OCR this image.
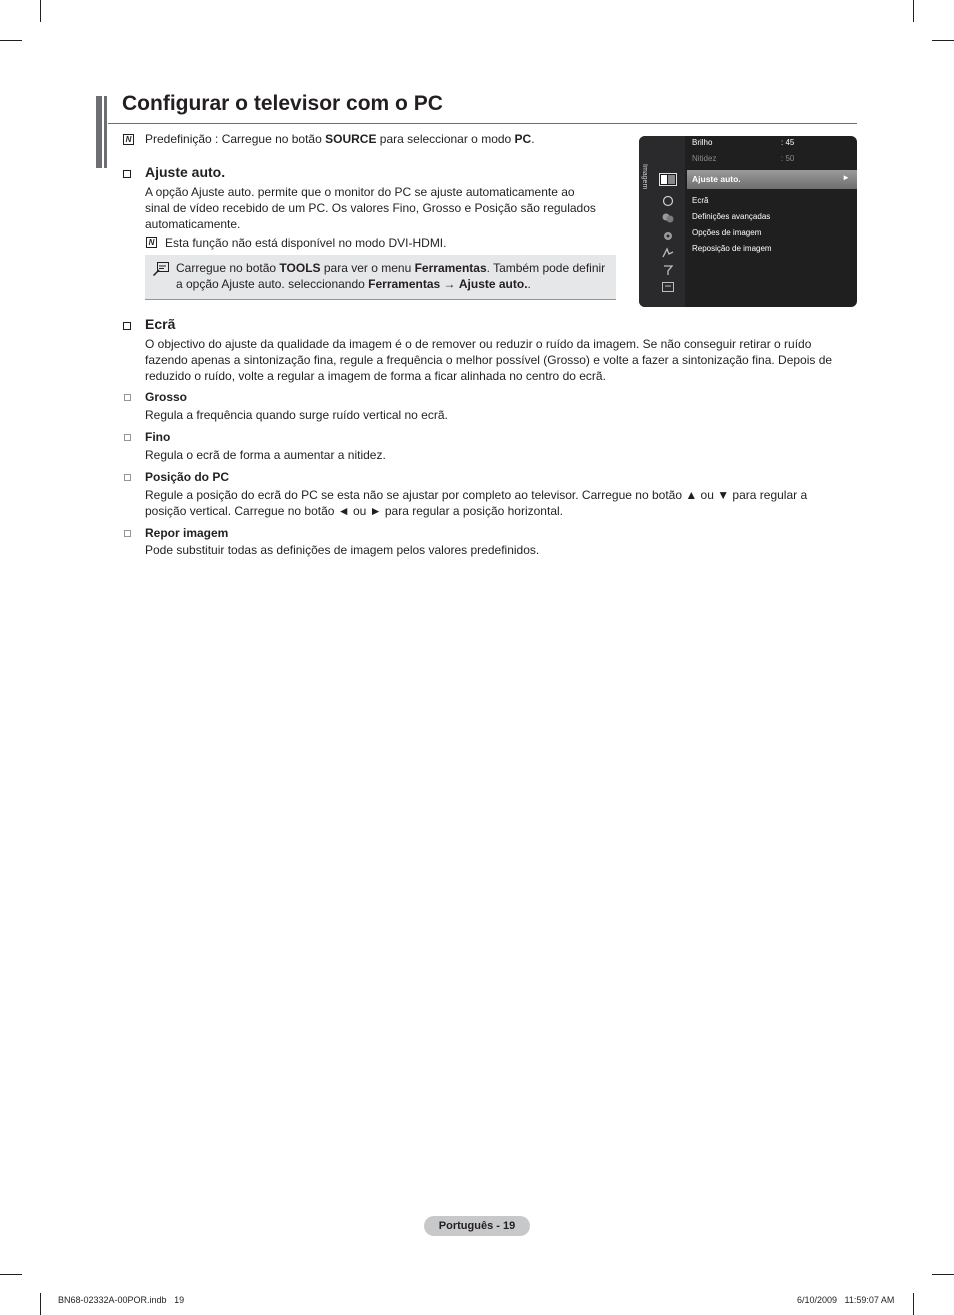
Configurar o televisor com o PC
N Predefinição : Carregue no botão SOURCE para seleccionar o modo PC.
Ajuste auto.
A opção Ajuste auto. permite que o monitor do PC se ajuste automaticamente ao
sinal de vídeo recebido de um PC. Os valores Fino, Grosso e Posição são regulados
automaticamente.
N Esta função não está disponível no modo DVI-HDMI.
Carregue no botão TOOLS para ver o menu Ferramentas. Também pode definir
a opção Ajuste auto. seleccionando Ferramentas → Ajuste auto..
Imagem
Brilho	: 45
Nitidez	: 50
Ajuste auto.	►
Ecrã
Definições avançadas
Opções de imagem
Reposição de imagem
Ecrã
O objectivo do ajuste da qualidade da imagem é o de remover ou reduzir o ruído da imagem. Se não conseguir retirar o ruído
fazendo apenas a sintonização fina, regule a frequência o melhor possível (Grosso) e volte a fazer a sintonização fina. Depois de
reduzido o ruído, volte a regular a imagem de forma a ficar alinhada no centro do ecrã.
Grosso
Regula a frequência quando surge ruído vertical no ecrã.
Fino
Regula o ecrã de forma a aumentar a nitidez.
Posição do PC
Regule a posição do ecrã do PC se esta não se ajustar por completo ao televisor. Carregue no botão ▲ ou ▼ para regular a
posição vertical. Carregue no botão ◄ ou ► para regular a posição horizontal.
Repor imagem
Pode substituir todas as definições de imagem pelos valores predefinidos.
Português - 19
BN68-02332A-00POR.indb   19	6/10/2009   11:59:07 AM
